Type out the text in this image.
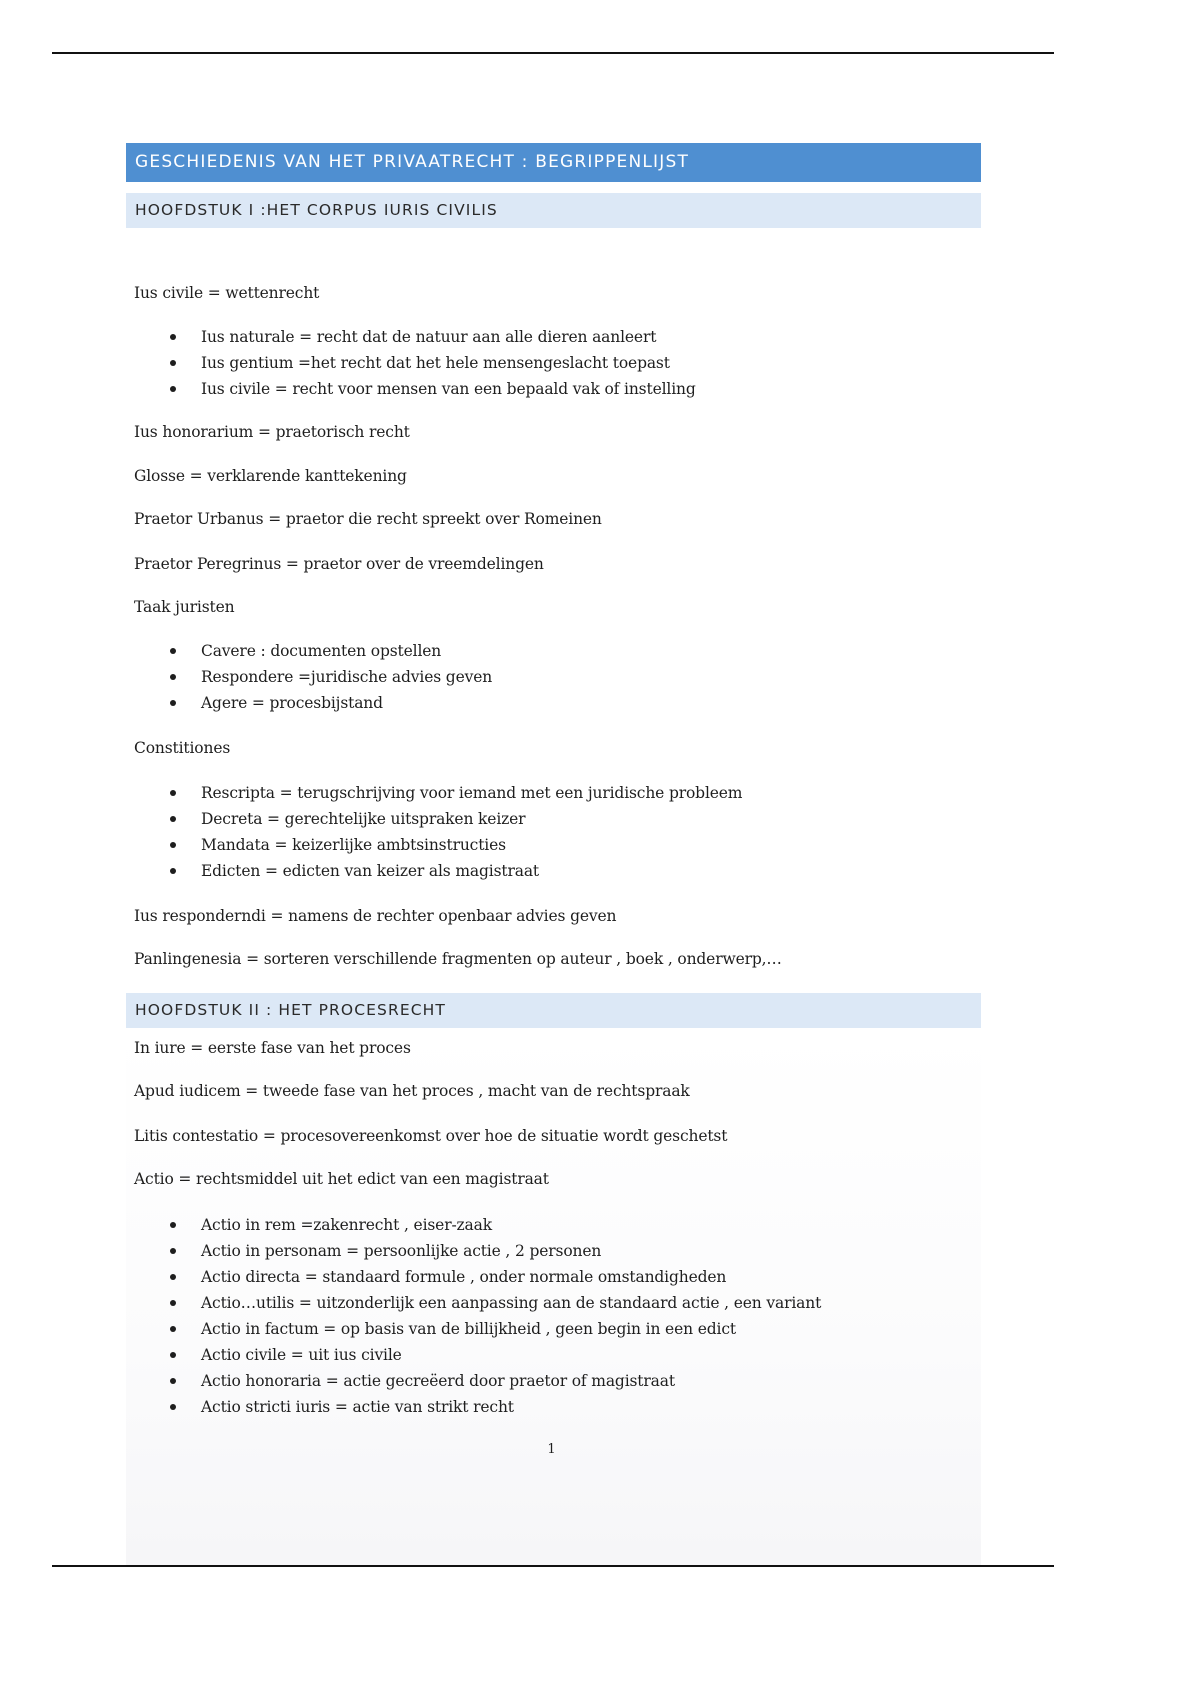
GESCHIEDENIS VAN HET PRIVAATRECHT : BEGRIPPENLIJST
HOOFDSTUK I :HET CORPUS IURIS CIVILIS
Ius civile = wettenrecht
Ius naturale = recht dat de natuur aan alle dieren aanleert
Ius gentium =het recht dat het hele mensengeslacht toepast
Ius civile = recht voor mensen van een bepaald vak of instelling
Ius honorarium = praetorisch recht
Glosse = verklarende kanttekening
Praetor Urbanus = praetor die recht spreekt over Romeinen
Praetor Peregrinus = praetor over de vreemdelingen
Taak juristen
Cavere : documenten opstellen
Respondere =juridische advies geven
Agere = procesbijstand
Constitiones
Rescripta = terugschrijving voor iemand met een juridische probleem
Decreta = gerechtelijke uitspraken keizer
Mandata = keizerlijke ambtsinstructies
Edicten = edicten van keizer als magistraat
Ius responderndi = namens de rechter openbaar advies geven
Panlingenesia = sorteren verschillende fragmenten op auteur , boek , onderwerp,…
HOOFDSTUK II : HET PROCESRECHT
In iure = eerste fase van het proces
Apud iudicem = tweede fase van het proces , macht van de rechtspraak
Litis contestatio = procesovereenkomst over hoe de situatie wordt geschetst
Actio = rechtsmiddel uit het edict van een magistraat
Actio in rem =zakenrecht , eiser-zaak
Actio in personam = persoonlijke actie , 2 personen
Actio directa = standaard formule , onder normale omstandigheden
Actio…utilis = uitzonderlijk een aanpassing aan de standaard actie , een variant
Actio in factum = op basis van de billijkheid , geen begin in een edict
Actio civile = uit ius civile
Actio honoraria = actie gecreëerd door praetor of magistraat
Actio stricti iuris = actie van strikt recht
1
